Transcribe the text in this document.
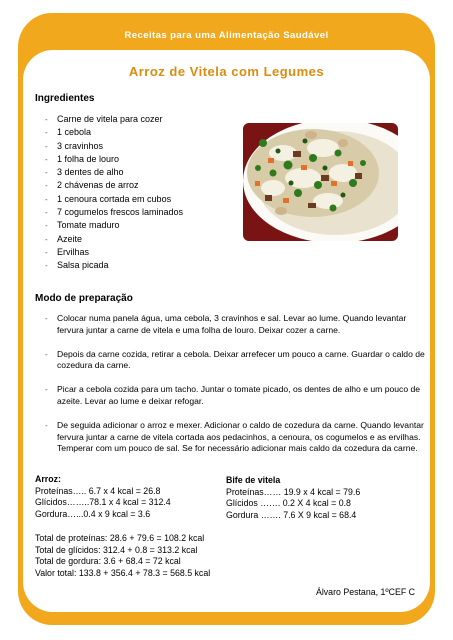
Receitas para uma Alimentação Saudável
Arroz de Vitela com Legumes
Ingredientes
- Carne de vitela para cozer
- 1 cebola
- 3 cravinhos
- 1 folha de louro
- 3 dentes de alho
- 2 chávenas de arroz
- 1 cenoura cortada em cubos
- 7 cogumelos frescos laminados
- Tomate maduro
- Azeite
- Ervilhas
- Salsa picada
Modo de preparação
- Colocar numa panela água, uma cebola, 3 cravinhos e sal. Levar ao lume. Quando levantar fervura juntar a carne de vitela e uma folha de louro. Deixar cozer a carne.
- Depois da carne cozida, retirar a cebola. Deixar arrefecer um pouco a carne. Guardar o caldo de cozedura da carne.
- Picar a cebola cozida para um tacho. Juntar o tomate picado, os dentes de alho e um pouco de azeite. Levar ao lume e deixar refogar.
- De seguida adicionar o arroz e mexer. Adicionar o caldo de cozedura da carne. Quando levantar fervura juntar a carne de vitela cortada aos pedacinhos, a cenoura, os cogumelos e as ervilhas. Temperar com um pouco de sal. Se for necessário adicionar mais caldo da cozedura da carne.
Arroz:
Proteínas….. 6.7 x 4 kcal = 26.8
Glícidos……..78.1 x 4 kcal = 312.4
Gordura…...0.4 x 9 kcal = 3.6
Bife de vitela
Proteínas…… 19.9 x 4 kcal = 79.6
Glícidos ……. 0.2 X 4 kcal = 0.8
Gordura ……. 7.6 X 9 kcal = 68.4
Total de proteínas: 28.6 + 79.6 = 108.2 kcal
Total de glícidos: 312.4 + 0.8 = 313.2 kcal
Total de gordura: 3.6 + 68.4 = 72 kcal
Valor total: 133.8 + 356.4 + 78.3 = 568.5 kcal
Álvaro Pestana, 1ºCEF C
